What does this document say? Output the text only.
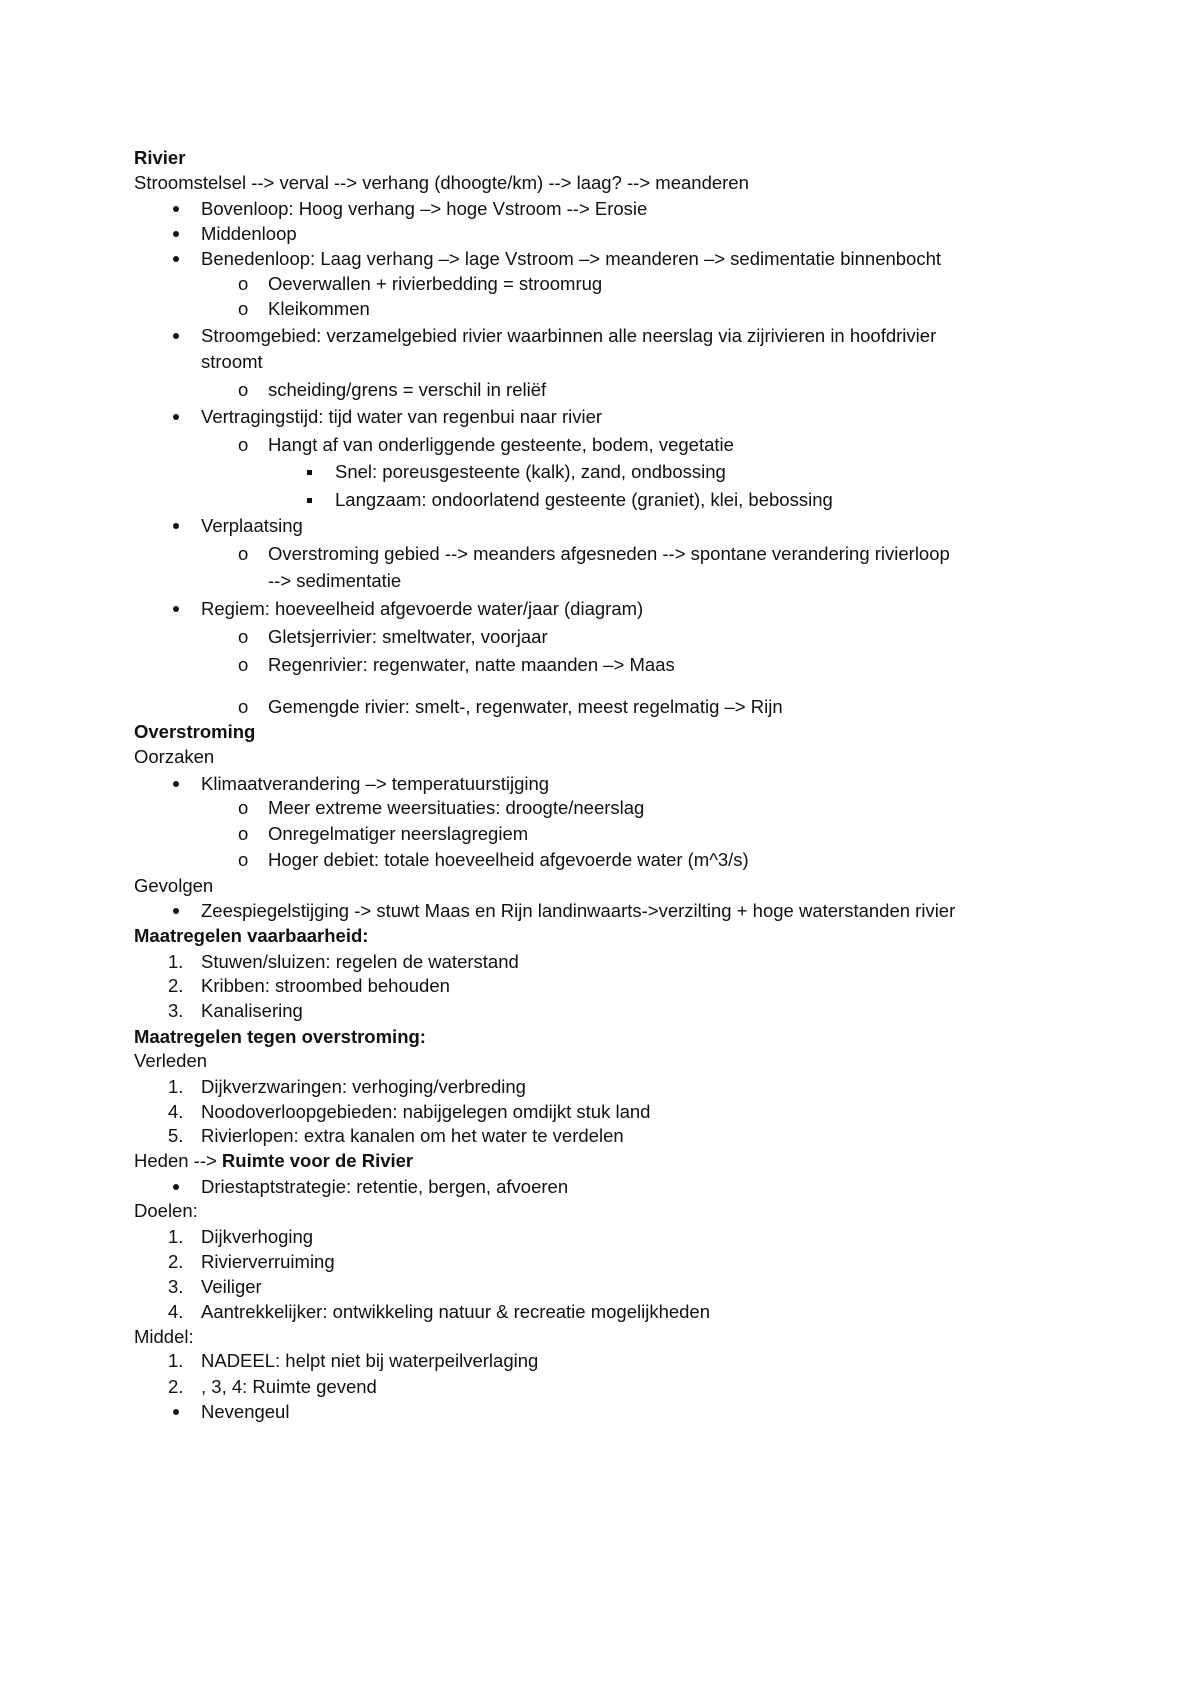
Rivier
Stroomstelsel --> verval --> verhang (dhoogte/km) --> laag? --> meanderen
Bovenloop: Hoog verhang –> hoge Vstroom --> Erosie
Middenloop
Benedenloop: Laag verhang –> lage Vstroom –> meanderen –> sedimentatie binnenbocht
o Oeverwallen + rivierbedding = stroomrug
o Kleikommen
Stroomgebied: verzamelgebied rivier waarbinnen alle neerslag via zijrivieren in hoofdrivier
stroomt
o scheiding/grens = verschil in reliëf
Vertragingstijd: tijd water van regenbui naar rivier
o Hangt af van onderliggende gesteente, bodem, vegetatie
Snel: poreusgesteente (kalk), zand, ondbossing
Langzaam: ondoorlatend gesteente (graniet), klei, bebossing
Verplaatsing
o Overstroming gebied --> meanders afgesneden --> spontane verandering rivierloop
--> sedimentatie
Regiem: hoeveelheid afgevoerde water/jaar (diagram)
o Gletsjerrivier: smeltwater, voorjaar
o Regenrivier: regenwater, natte maanden –> Maas
o Gemengde rivier: smelt-, regenwater, meest regelmatig –> Rijn
Overstroming
Oorzaken
Klimaatverandering –> temperatuurstijging
o Meer extreme weersituaties: droogte/neerslag
o Onregelmatiger neerslagregiem
o Hoger debiet: totale hoeveelheid afgevoerde water (m^3/s)
Gevolgen
Zeespiegelstijging -> stuwt Maas en Rijn landinwaarts->verzilting + hoge waterstanden rivier
Maatregelen vaarbaarheid:
1. Stuwen/sluizen: regelen de waterstand
2. Kribben: stroombed behouden
3. Kanalisering
Maatregelen tegen overstroming:
Verleden
1. Dijkverzwaringen: verhoging/verbreding
4. Noodoverloopgebieden: nabijgelegen omdijkt stuk land
5. Rivierlopen: extra kanalen om het water te verdelen
Heden --> Ruimte voor de Rivier
Driestaptstrategie: retentie, bergen, afvoeren
Doelen:
1. Dijkverhoging
2. Rivierverruiming
3. Veiliger
4. Aantrekkelijker: ontwikkeling natuur & recreatie mogelijkheden
Middel:
1. NADEEL: helpt niet bij waterpeilverlaging
2. , 3, 4: Ruimte gevend
Nevengeul
